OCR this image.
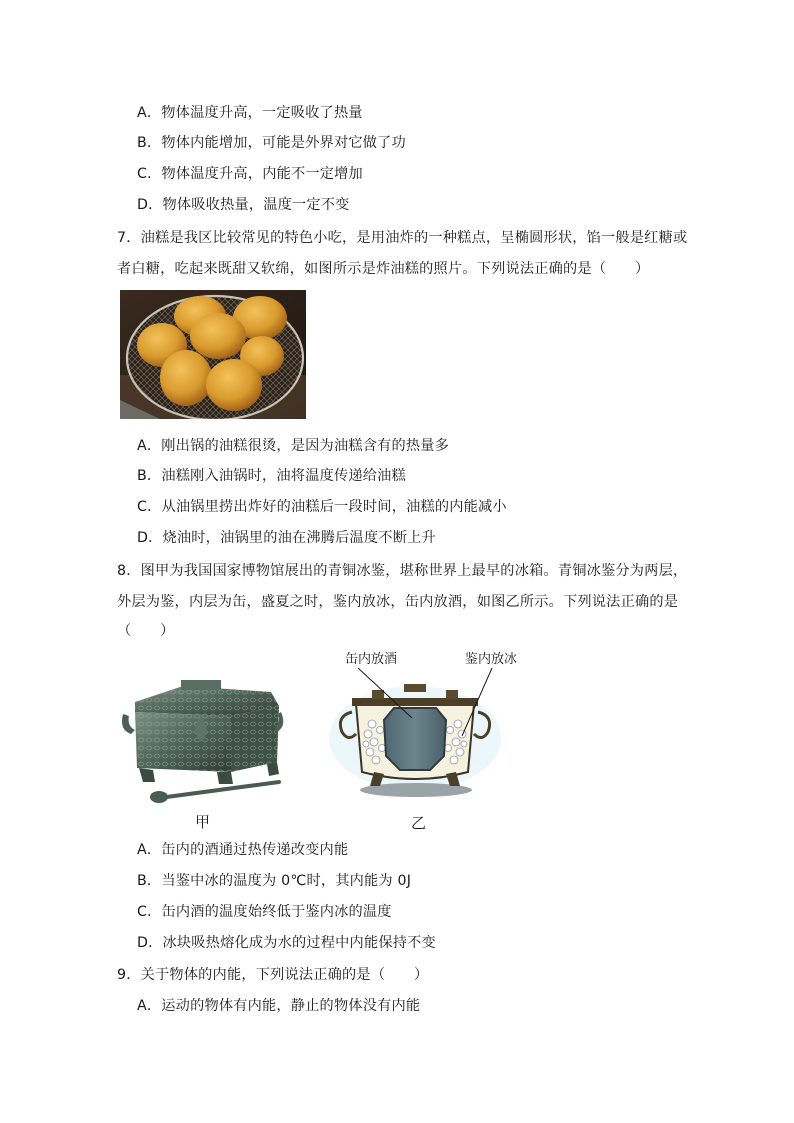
A．物体温度升高，一定吸收了热量
B．物体内能增加，可能是外界对它做了功
C．物体温度升高，内能不一定增加
D．物体吸收热量，温度一定不变
7．油糕是我区比较常见的特色小吃，是用油炸的一种糕点，呈椭圆形状，馅一般是红糖或
者白糖，吃起来既甜又软绵，如图所示是炸油糕的照片。下列说法正确的是（　　）
A．刚出锅的油糕很烫，是因为油糕含有的热量多
B．油糕刚入油锅时，油将温度传递给油糕
C．从油锅里捞出炸好的油糕后一段时间，油糕的内能减小
D．烧油时，油锅里的油在沸腾后温度不断上升
8．图甲为我国国家博物馆展出的青铜冰鉴，堪称世界上最早的冰箱。青铜冰鉴分为两层，
外层为鉴，内层为缶，盛夏之时，鉴内放冰，缶内放酒，如图乙所示。下列说法正确的是
（　　）
缶内放酒	鉴内放冰
甲	乙
A．缶内的酒通过热传递改变内能
B．当鉴中冰的温度为 0℃时，其内能为 0J
C．缶内酒的温度始终低于鉴内冰的温度
D．冰块吸热熔化成为水的过程中内能保持不变
9．关于物体的内能，下列说法正确的是（　　）
A．运动的物体有内能，静止的物体没有内能
